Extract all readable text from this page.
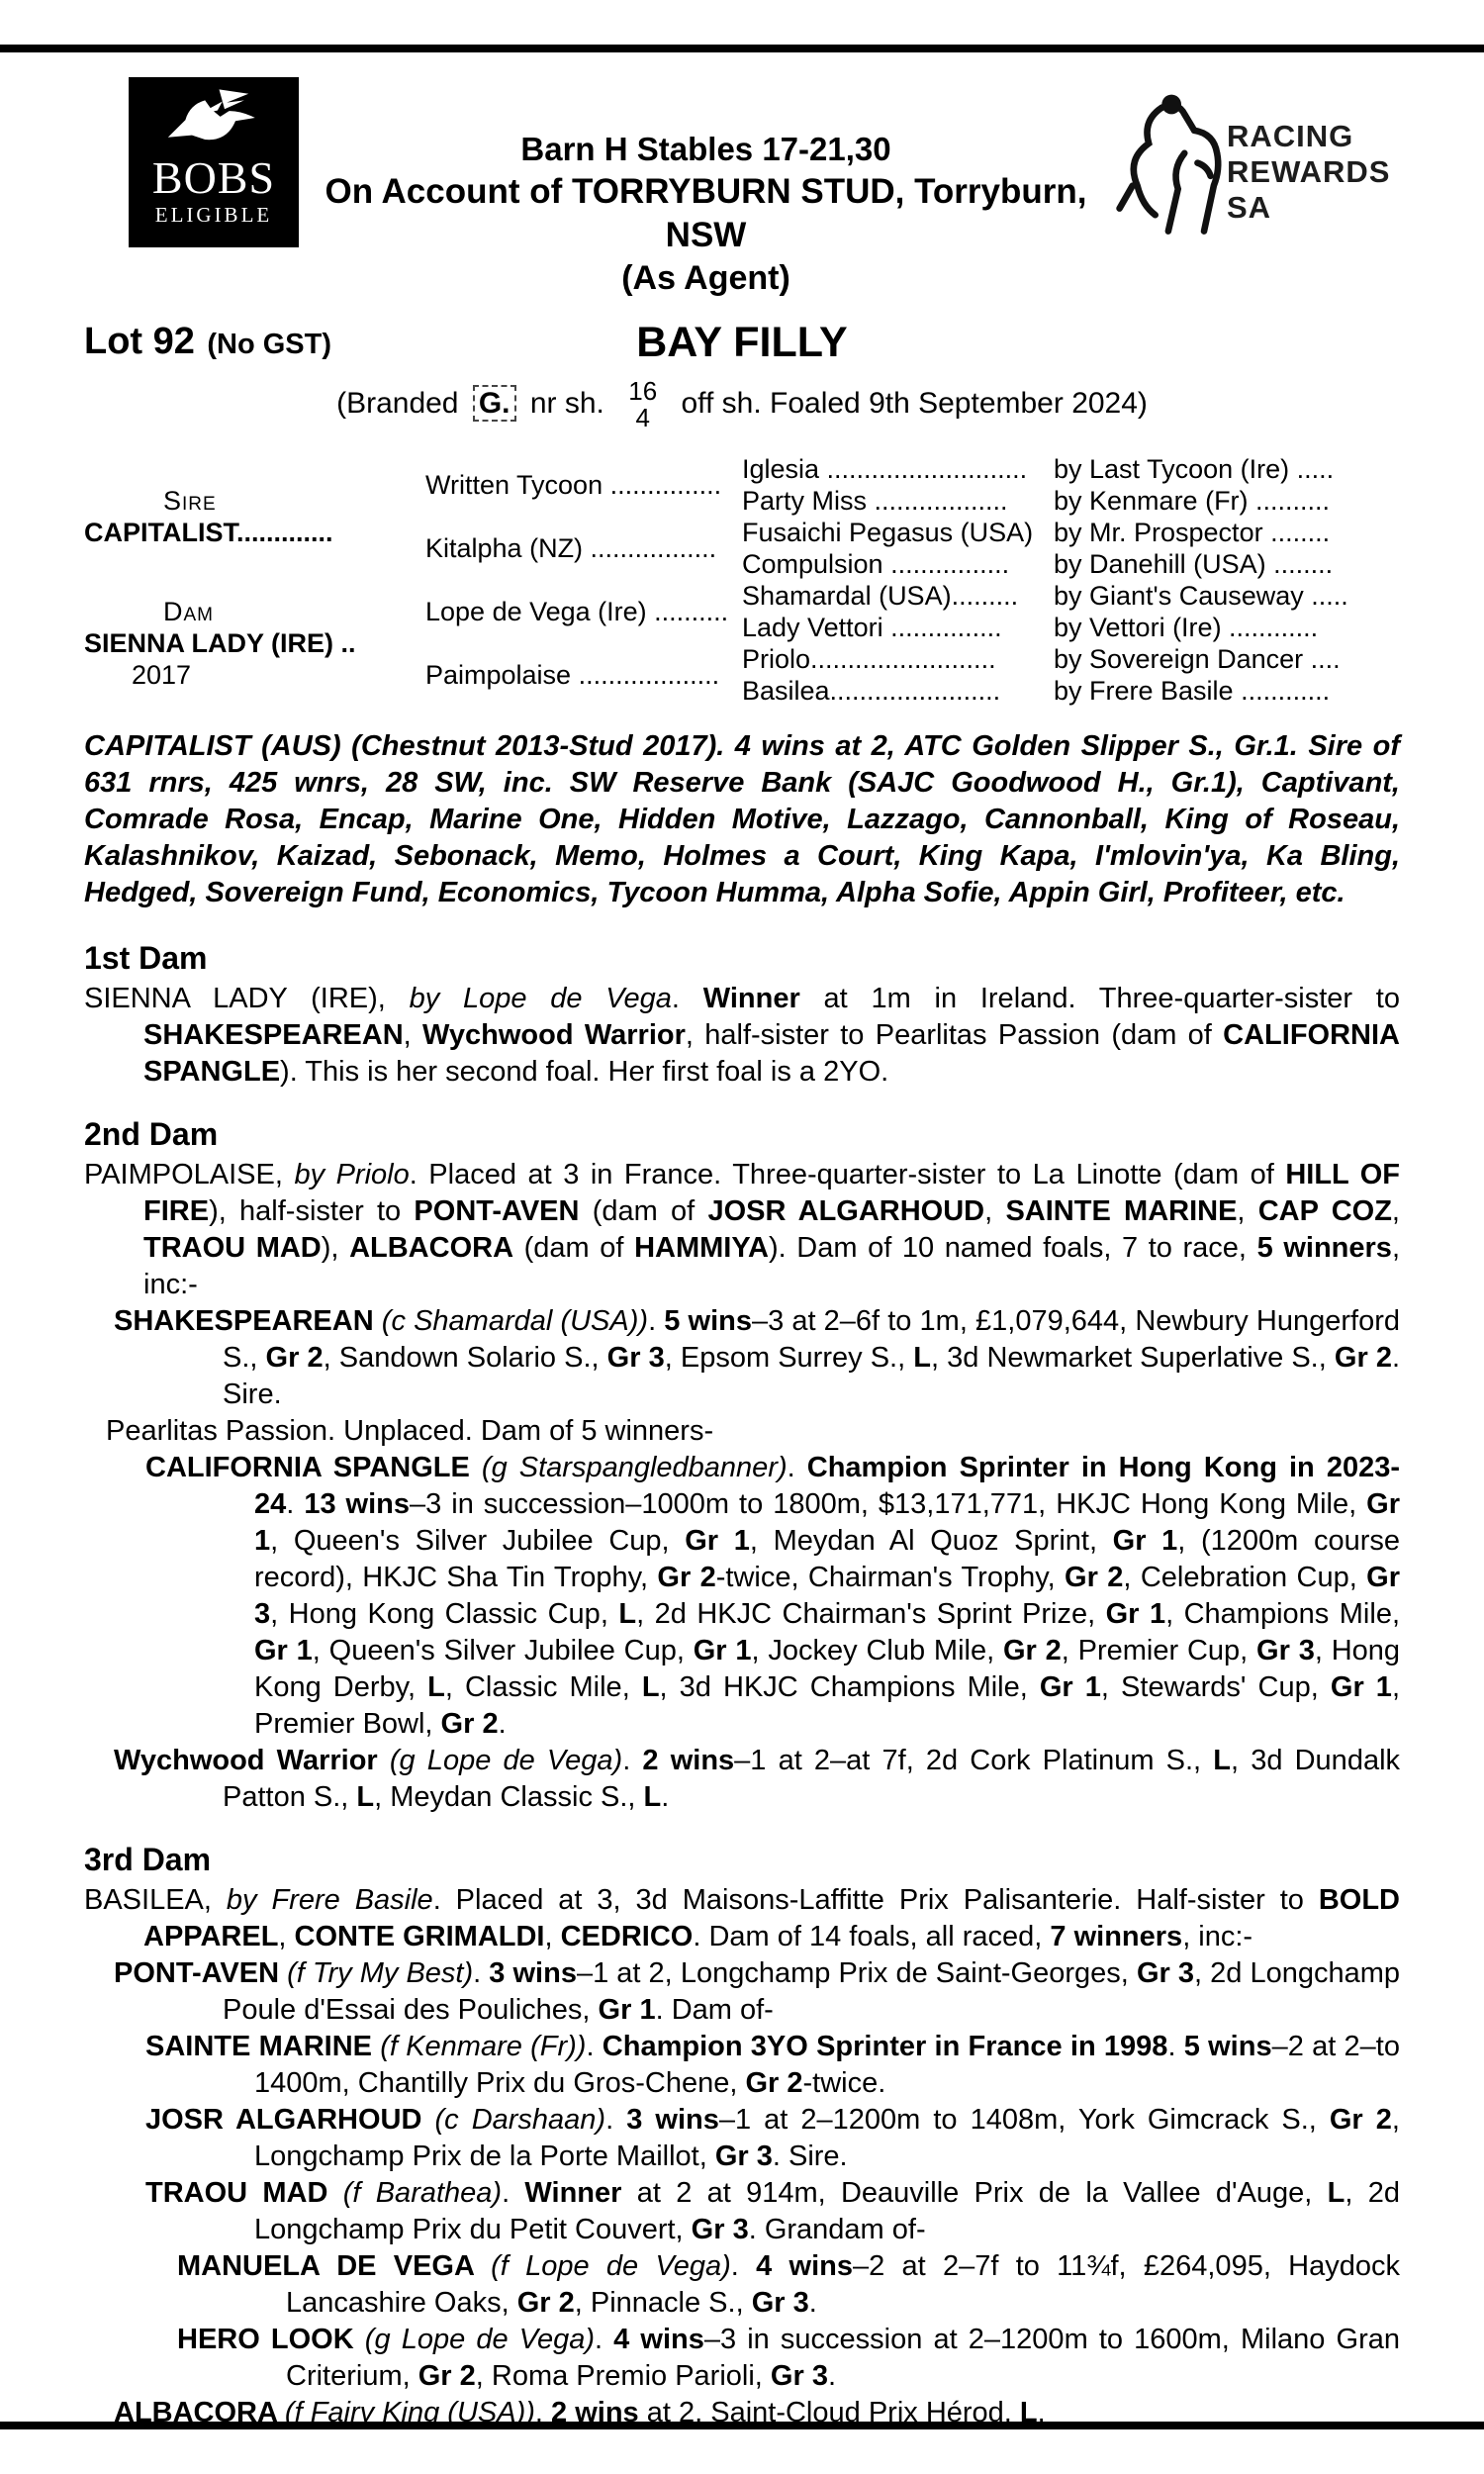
BOBS
ELIGIBLE
Barn H Stables 17-21,30
On Account of TORRYBURN STUD, Torryburn, NSW
(As Agent)
RACING
REWARDS
SA
Lot 92 (No GST)	BAY FILLY
(Branded G. nr sh. 16
4 off sh. Foaled 9th September 2024)
Sire
CAPITALIST.............
Dam
SIENNA LADY (IRE) ..
2017
Written Tycoon ...............
Kitalpha (NZ) .................
Lope de Vega (Ire) ..........
Paimpolaise ...................
Iglesia ...........................
Party Miss ..................
Fusaichi Pegasus (USA)
Compulsion ................
Shamardal (USA).........
Lady Vettori ...............
Priolo.........................
Basilea.......................
by Last Tycoon (Ire) .....
by Kenmare (Fr) ..........
by Mr. Prospector ........
by Danehill (USA) ........
by Giant's Causeway .....
by Vettori (Ire) ............
by Sovereign Dancer ....
by Frere Basile ............

CAPITALIST (AUS) (Chestnut 2013-Stud 2017). 4 wins at 2, ATC Golden Slipper S., Gr.1. Sire of 631 rnrs, 425 wnrs, 28 SW, inc. SW Reserve Bank (SAJC Goodwood H., Gr.1), Captivant, Comrade Rosa, Encap, Marine One, Hidden Motive, Lazzago, Cannonball, King of Roseau, Kalashnikov, Kaizad, Sebonack, Memo, Holmes a Court, King Kapa, I'mlovin'ya, Ka Bling, Hedged, Sovereign Fund, Economics, Tycoon Humma, Alpha Sofie, Appin Girl, Profiteer, etc.

1st Dam

SIENNA LADY (IRE), by Lope de Vega. Winner at 1m in Ireland. Three-quarter-sister to SHAKESPEAREAN, Wychwood Warrior, half-sister to Pearlitas Passion (dam of CALIFORNIA SPANGLE). This is her second foal. Her first foal is a 2YO.

2nd Dam

PAIMPOLAISE, by Priolo. Placed at 3 in France. Three-quarter-sister to La Linotte (dam of HILL OF FIRE), half-sister to PONT-AVEN (dam of JOSR ALGARHOUD, SAINTE MARINE, CAP COZ, TRAOU MAD), ALBACORA (dam of HAMMIYA). Dam of 10 named foals, 7 to race, 5 winners, inc:-

SHAKESPEAREAN (c Shamardal (USA)). 5 wins–3 at 2–6f to 1m, £1,079,644, Newbury Hungerford S., Gr 2, Sandown Solario S., Gr 3, Epsom Surrey S., L, 3d Newmarket Superlative S., Gr 2. Sire.

Pearlitas Passion. Unplaced. Dam of 5 winners-

CALIFORNIA SPANGLE (g Starspangledbanner). Champion Sprinter in Hong Kong in 2023-24. 13 wins–3 in succession–1000m to 1800m, $13,171,771, HKJC Hong Kong Mile, Gr 1, Queen's Silver Jubilee Cup, Gr 1, Meydan Al Quoz Sprint, Gr 1, (1200m course record), HKJC Sha Tin Trophy, Gr 2-twice, Chairman's Trophy, Gr 2, Celebration Cup, Gr 3, Hong Kong Classic Cup, L, 2d HKJC Chairman's Sprint Prize, Gr 1, Champions Mile, Gr 1, Queen's Silver Jubilee Cup, Gr 1, Jockey Club Mile, Gr 2, Premier Cup, Gr 3, Hong Kong Derby, L, Classic Mile, L, 3d HKJC Champions Mile, Gr 1, Stewards' Cup, Gr 1, Premier Bowl, Gr 2.

Wychwood Warrior (g Lope de Vega). 2 wins–1 at 2–at 7f, 2d Cork Platinum S., L, 3d Dundalk Patton S., L, Meydan Classic S., L.

3rd Dam

BASILEA, by Frere Basile. Placed at 3, 3d Maisons-Laffitte Prix Palisanterie. Half-sister to BOLD APPAREL, CONTE GRIMALDI, CEDRICO. Dam of 14 foals, all raced, 7 winners, inc:-

PONT-AVEN (f Try My Best). 3 wins–1 at 2, Longchamp Prix de Saint-Georges, Gr 3, 2d Longchamp Poule d'Essai des Pouliches, Gr 1. Dam of-

SAINTE MARINE (f Kenmare (Fr)). Champion 3YO Sprinter in France in 1998. 5 wins–2 at 2–to 1400m, Chantilly Prix du Gros-Chene, Gr 2-twice.

JOSR ALGARHOUD (c Darshaan). 3 wins–1 at 2–1200m to 1408m, York Gimcrack S., Gr 2, Longchamp Prix de la Porte Maillot, Gr 3. Sire.

TRAOU MAD (f Barathea). Winner at 2 at 914m, Deauville Prix de la Vallee d'Auge, L, 2d Longchamp Prix du Petit Couvert, Gr 3. Grandam of-

MANUELA DE VEGA (f Lope de Vega). 4 wins–2 at 2–7f to 11¾f, £264,095, Haydock Lancashire Oaks, Gr 2, Pinnacle S., Gr 3.

HERO LOOK (g Lope de Vega). 4 wins–3 in succession at 2–1200m to 1600m, Milano Gran Criterium, Gr 2, Roma Premio Parioli, Gr 3.

ALBACORA (f Fairy King (USA)). 2 wins at 2, Saint-Cloud Prix Hérod, L.
